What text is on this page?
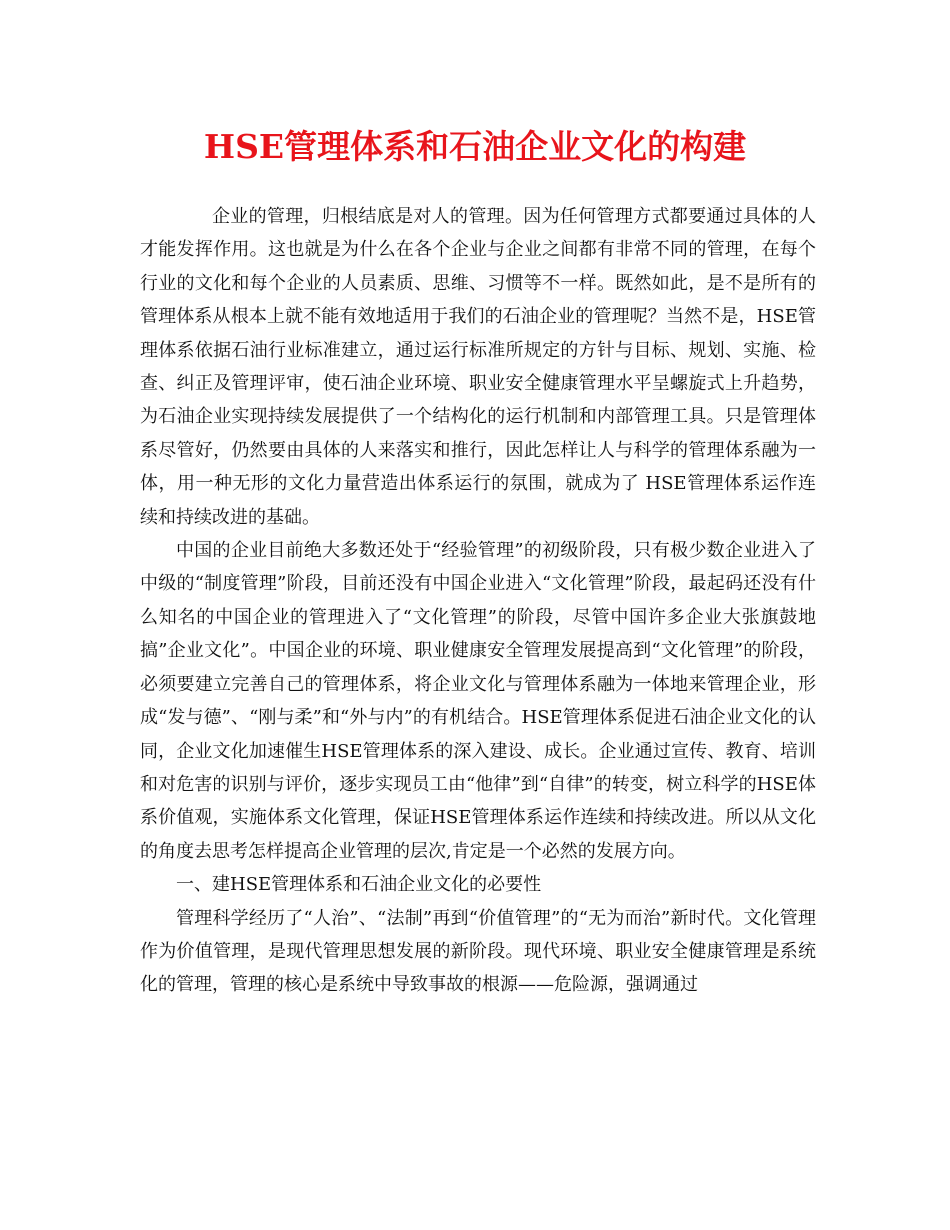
HSE管理体系和石油企业文化的构建

企业的管理，归根结底是对人的管理。因为任何管理方式都要通过具体的人才能发挥作用。这也就是为什么在各个企业与企业之间都有非常不同的管理，在每个行业的文化和每个企业的人员素质、思维、习惯等不一样。既然如此，是不是所有的管理体系从根本上就不能有效地适用于我们的石油企业的管理呢？当然不是，HSE管理体系依据石油行业标准建立，通过运行标准所规定的方针与目标、规划、实施、检查、纠正及管理评审，使石油企业环境、职业安全健康管理水平呈螺旋式上升趋势，为石油企业实现持续发展提供了一个结构化的运行机制和内部管理工具。只是管理体系尽管好，仍然要由具体的人来落实和推行，因此怎样让人与科学的管理体系融为一体，用一种无形的文化力量营造出体系运行的氛围，就成为了 HSE管理体系运作连续和持续改进的基础。

中国的企业目前绝大多数还处于“经验管理”的初级阶段，只有极少数企业进入了中级的“制度管理”阶段，目前还没有中国企业进入“文化管理”阶段，最起码还没有什么知名的中国企业的管理进入了“文化管理”的阶段，尽管中国许多企业大张旗鼓地搞”企业文化”。中国企业的环境、职业健康安全管理发展提高到“文化管理”的阶段，必须要建立完善自己的管理体系，将企业文化与管理体系融为一体地来管理企业，形成“发与德”、“刚与柔”和“外与内”的有机结合。HSE管理体系促进石油企业文化的认同，企业文化加速催生HSE管理体系的深入建设、成长。企业通过宣传、教育、培训和对危害的识别与评价，逐步实现员工由“他律”到“自律”的转变，树立科学的HSE体系价值观，实施体系文化管理，保证HSE管理体系运作连续和持续改进。所以从文化的角度去思考怎样提高企业管理的层次,肯定是一个必然的发展方向。

一、建HSE管理体系和石油企业文化的必要性

管理科学经历了“人治”、“法制”再到“价值管理”的“无为而治”新时代。文化管理作为价值管理，是现代管理思想发展的新阶段。现代环境、职业安全健康管理是系统化的管理，管理的核心是系统中导致事故的根源——危险源，强调通过
